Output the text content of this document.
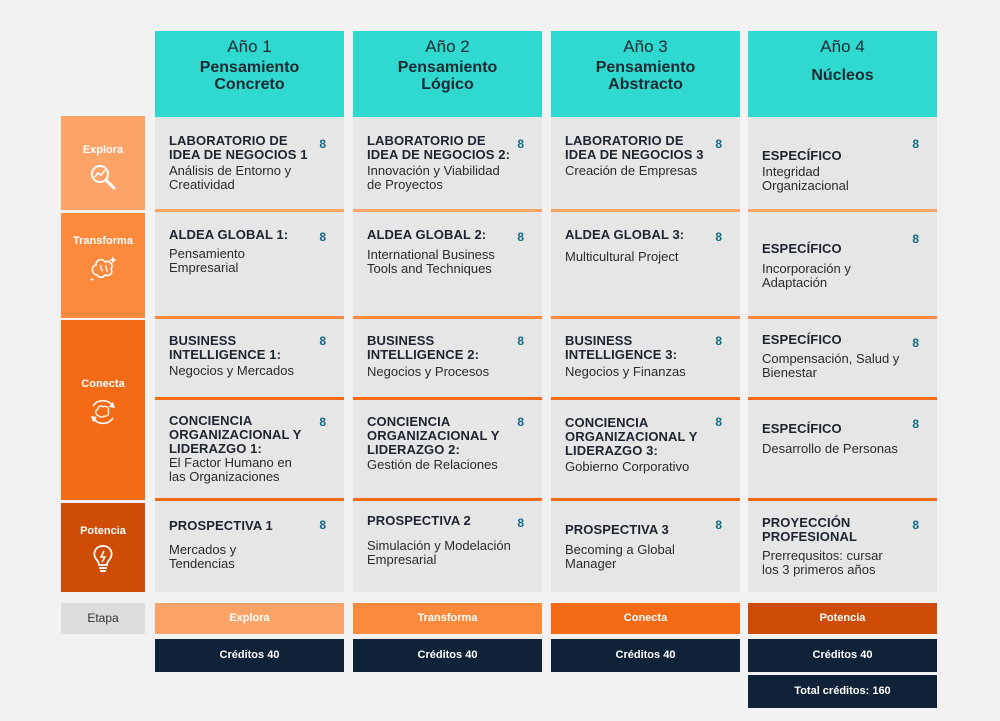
Año 1
Pensamiento
Concreto
Año 2
Pensamiento
Lógico
Año 3
Pensamiento
Abstracto
Año 4
Núcleos
Explora
Transforma
Conecta
Potencia
LABORATORIO DE
IDEA DE NEGOCIOS 1
Análisis de Entorno y
Creatividad
8
ALDEA GLOBAL 1:
Pensamiento
Empresarial
8
BUSINESS
INTELLIGENCE 1:
Negocios y Mercados
8
CONCIENCIA
ORGANIZACIONAL Y
LIDERAZGO 1:
El Factor Humano en
las Organizaciones
8
PROSPECTIVA 1
Mercados y
Tendencias
8
LABORATORIO DE
IDEA DE NEGOCIOS 2:
Innovación y Viabilidad
de Proyectos
8
ALDEA GLOBAL 2:
International Business
Tools and Techniques
8
BUSINESS
INTELLIGENCE 2:
Negocios y Procesos
8
CONCIENCIA
ORGANIZACIONAL Y
LIDERAZGO 2:
Gestión de Relaciones
8
PROSPECTIVA 2
Simulación y Modelación
Empresarial
8
LABORATORIO DE
IDEA DE NEGOCIOS 3
Creación de Empresas
8
ALDEA GLOBAL 3:
Multicultural Project
8
BUSINESS
INTELLIGENCE 3:
Negocios y Finanzas
8
CONCIENCIA
ORGANIZACIONAL Y
LIDERAZGO 3:
Gobierno Corporativo
8
PROSPECTIVA 3
Becoming a Global
Manager
8
ESPECÍFICO
Integridad
Organizacional
8
ESPECÍFICO
Incorporación y
Adaptación
8
ESPECÍFICO
Compensación, Salud y
Bienestar
8
ESPECÍFICO
Desarrollo de Personas
8
PROYECCIÓN
PROFESIONAL
Prerrequsitos: cursar
los 3 primeros años
8
Etapa	Explora
Créditos 40
Transforma
Créditos 40
Conecta
Créditos 40
Potencia
Créditos 40
Total créditos: 160
